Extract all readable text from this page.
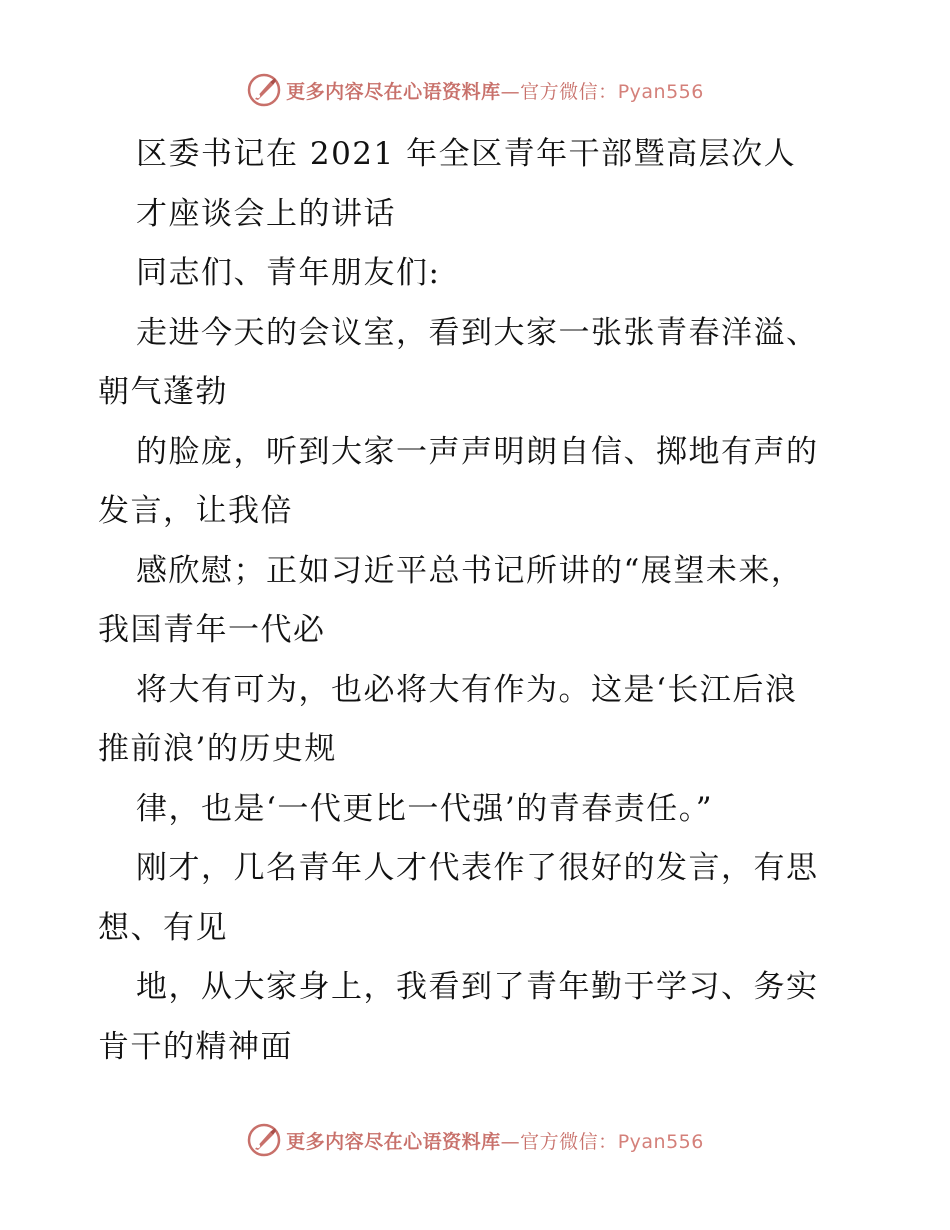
更多内容尽在心语资料库—官方微信：Pyan556
区委书记在 2021 年全区青年干部暨高层次人
才座谈会上的讲话
同志们、青年朋友们:
走进今天的会议室，看到大家一张张青春洋溢、
朝气蓬勃
的脸庞，听到大家一声声明朗自信、掷地有声的
发言，让我倍
感欣慰；正如习近平总书记所讲的“展望未来，
我国青年一代必
将大有可为，也必将大有作为。这是‘长江后浪
推前浪’的历史规
律，也是‘一代更比一代强’的青春责任。”
刚才，几名青年人才代表作了很好的发言，有思
想、有见
地，从大家身上，我看到了青年勤于学习、务实
肯干的精神面
更多内容尽在心语资料库—官方微信：Pyan556
